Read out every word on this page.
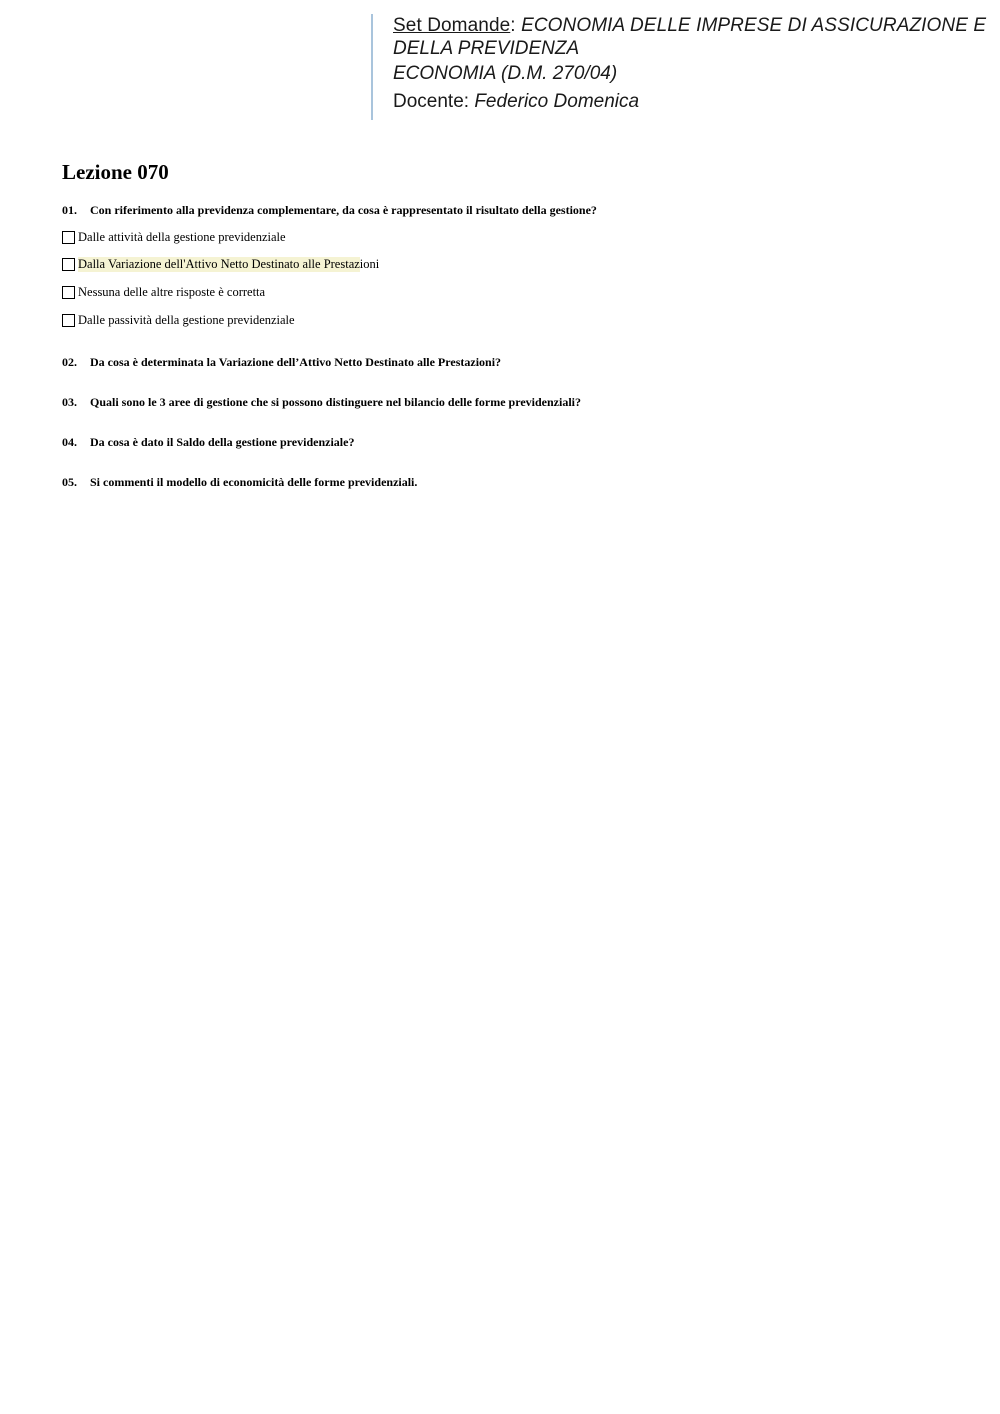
Set Domande: ECONOMIA DELLE IMPRESE DI ASSICURAZIONE E
DELLA PREVIDENZA
ECONOMIA (D.M. 270/04)
Docente: Federico Domenica
Lezione 070
01. Con riferimento alla previdenza complementare, da cosa è rappresentato il risultato della gestione?
Dalle attività della gestione previdenziale
Dalla Variazione dell'Attivo Netto Destinato alle Prestaz ioni
Nessuna delle altre risposte è corretta
Dalle passività della gestione previdenziale
02. Da cosa è determinata la Variazione dell’Attivo Netto Destinato alle Prestazioni?
03. Quali sono le 3 aree di gestione che si possono distinguere nel bilancio delle forme previdenziali?
04. Da cosa è dato il Saldo della gestione previdenziale?
05. Si commenti il modello di economicità delle forme previdenziali.
